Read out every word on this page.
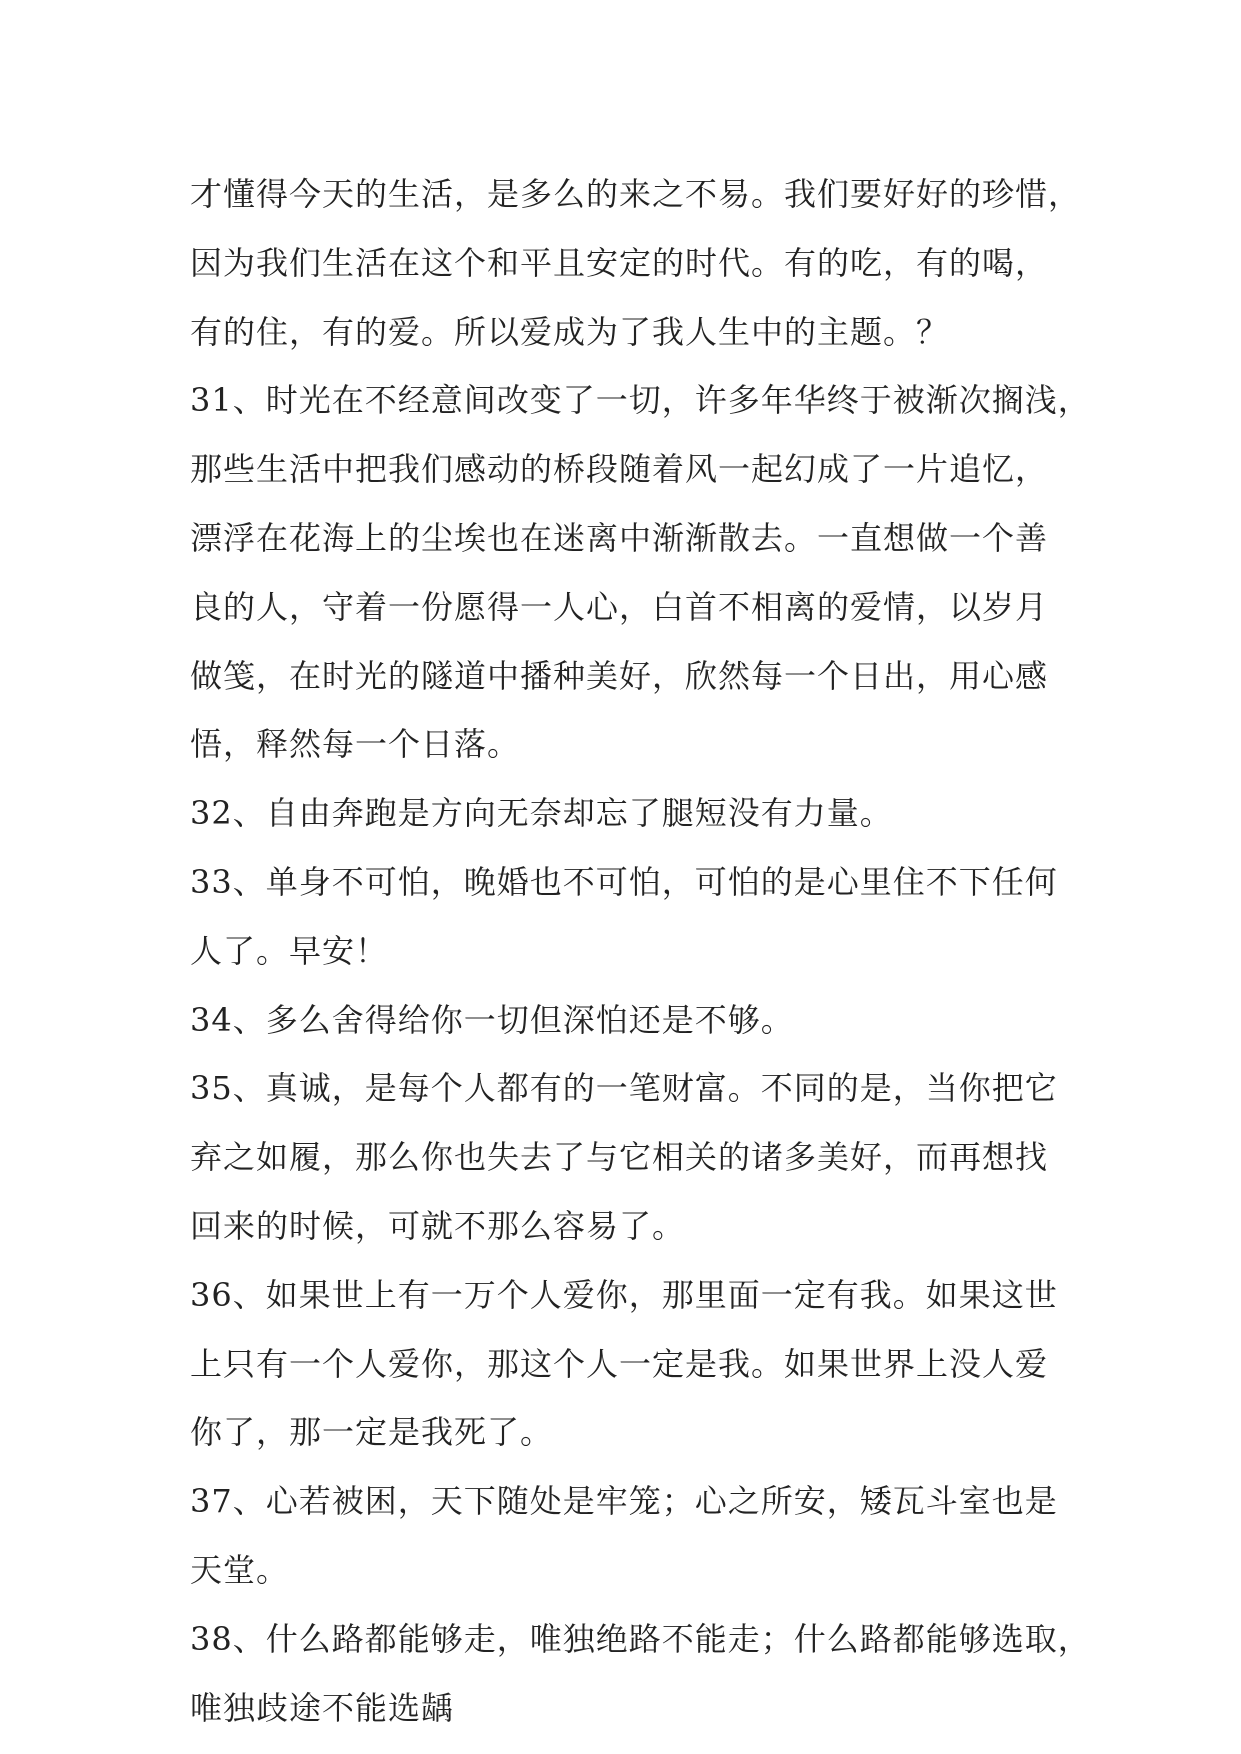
才懂得今天的生活，是多么的来之不易。我们要好好的珍惜，
因为我们生活在这个和平且安定的时代。有的吃，有的喝，
有的住，有的爱。所以爱成为了我人生中的主题。？
31、时光在不经意间改变了一切，许多年华终于被渐次搁浅，
那些生活中把我们感动的桥段随着风一起幻成了一片追忆，
漂浮在花海上的尘埃也在迷离中渐渐散去。一直想做一个善
良的人，守着一份愿得一人心，白首不相离的爱情，以岁月
做笺，在时光的隧道中播种美好，欣然每一个日出，用心感
悟，释然每一个日落。
32、自由奔跑是方向无奈却忘了腿短没有力量。
33、单身不可怕，晚婚也不可怕，可怕的是心里住不下任何
人了。早安！
34、多么舍得给你一切但深怕还是不够。
35、真诚，是每个人都有的一笔财富。不同的是，当你把它
弃之如履，那么你也失去了与它相关的诸多美好，而再想找
回来的时候，可就不那么容易了。
36、如果世上有一万个人爱你，那里面一定有我。如果这世
上只有一个人爱你，那这个人一定是我。如果世界上没人爱
你了，那一定是我死了。
37、心若被困，天下随处是牢笼；心之所安，矮瓦斗室也是
天堂。
38、什么路都能够走，唯独绝路不能走；什么路都能够选取，
唯独歧途不能选龋
